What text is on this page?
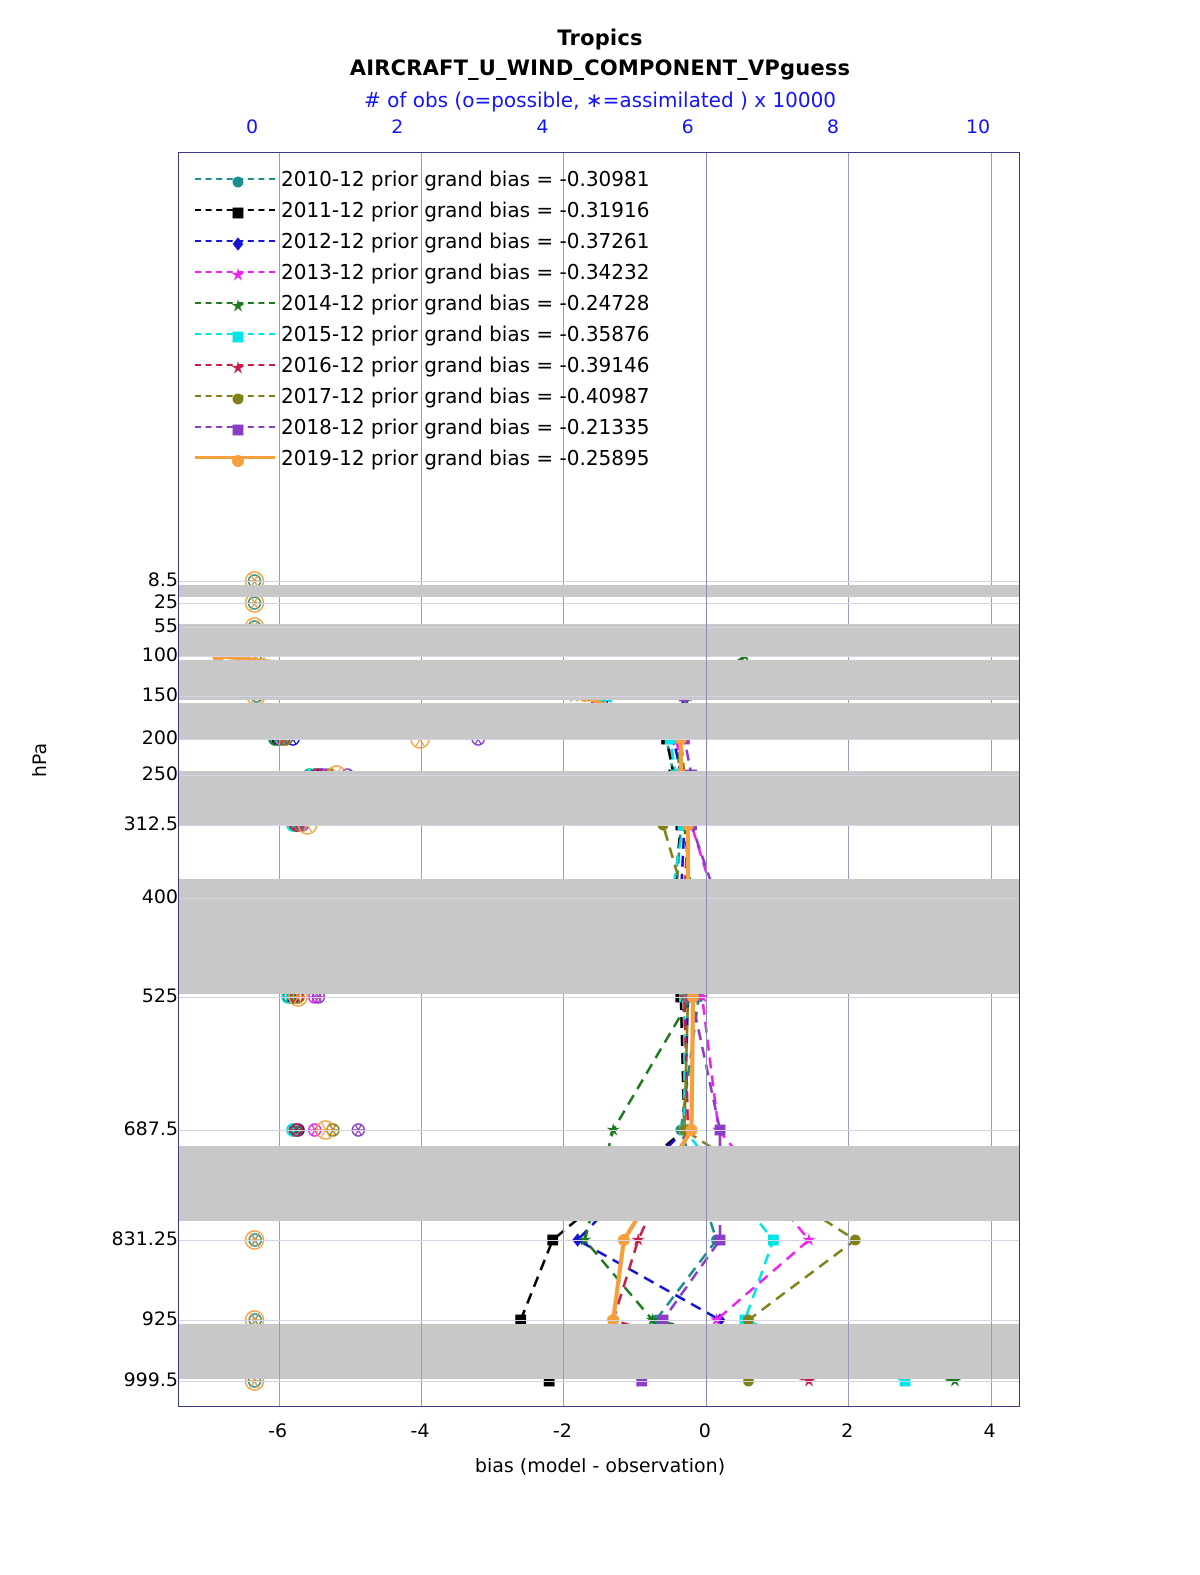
Tropics
AIRCRAFT_U_WIND_COMPONENT_VPguess
# of obs (o=possible, ∗=assimilated ) x 10000
2010-12 prior grand bias = -0.30981
2011-12 prior grand bias = -0.31916
2012-12 prior grand bias = -0.37261
2013-12 prior grand bias = -0.34232
2014-12 prior grand bias = -0.24728
2015-12 prior grand bias = -0.35876
2016-12 prior grand bias = -0.39146
2017-12 prior grand bias = -0.40987
2018-12 prior grand bias = -0.21335
2019-12 prior grand bias = -0.25895
0	2	4	6	8	10
-6	-4	-2	0	2	4
8.5
25
55
100
150
200
250
312.5
400
525
687.5
831.25
925
999.5
bias (model - observation)
hPa
